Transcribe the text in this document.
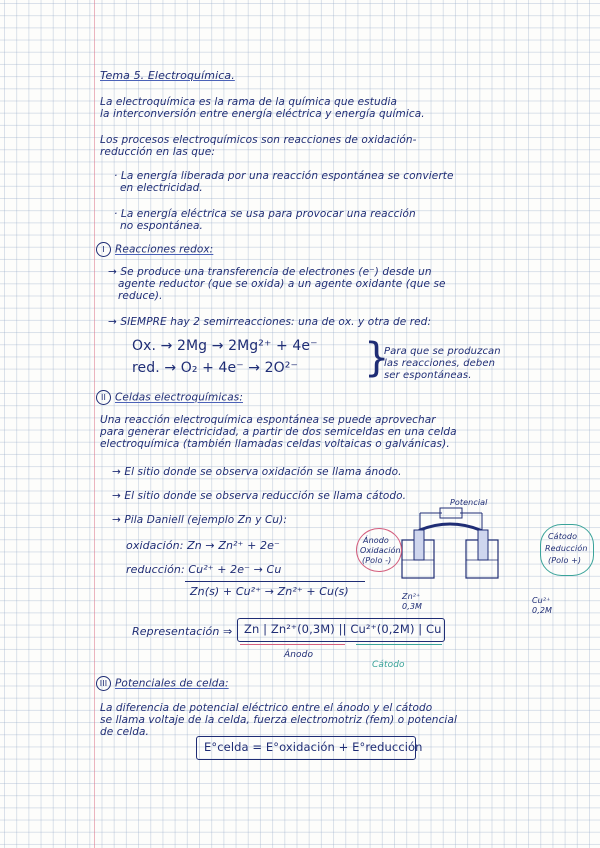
Tema 5. Electroquímica.
La electroquímica es la rama de la química que estudia
la interconversión entre energía eléctrica y energía química.
Los procesos electroquímicos son reacciones de oxidación-
reducción en las que:
· La energía liberada por una reacción espontánea se convierte
en electricidad.
· La energía eléctrica se usa para provocar una reacción
no espontánea.
I Reacciones redox:
→ Se produce una transferencia de electrones (e⁻) desde un
agente reductor (que se oxida) a un agente oxidante (que se
reduce).
→ SIEMPRE hay 2 semirreacciones: una de ox. y otra de red:
Ox. → 2Mg → 2Mg²⁺ + 4e⁻
red. → O₂ + 4e⁻ → 2O²⁻ }
Para que se produzcan
las reacciones, deben
ser espontáneas.
II Celdas electroquímicas:
Una reacción electroquímica espontánea se puede aprovechar
para generar electricidad, a partir de dos semiceldas en una celda
electroquímica (también llamadas celdas voltaicas o galvánicas).
→ El sitio donde se observa oxidación se llama ánodo.
→ El sitio donde se observa reducción se llama cátodo.
→ Pila Daniell (ejemplo Zn y Cu):
oxidación: Zn → Zn²⁺ + 2e⁻
reducción: Cu²⁺ + 2e⁻ → Cu
Zn(s) + Cu²⁺ → Zn²⁺ + Cu(s)
Potencial
Ánodo
Oxidación
(Polo -)
Cátodo
Reducción
(Polo +)
Zn²⁺
0,3M
Cu²⁺
0,2M
Representación ⇒ Zn | Zn²⁺(0,3M) || Cu²⁺(0,2M) | Cu
Ánodo
Cátodo
III Potenciales de celda:
La diferencia de potencial eléctrico entre el ánodo y el cátodo
se llama voltaje de la celda, fuerza electromotriz (fem) o potencial
de celda.
E°celda = E°oxidación + E°reducción
